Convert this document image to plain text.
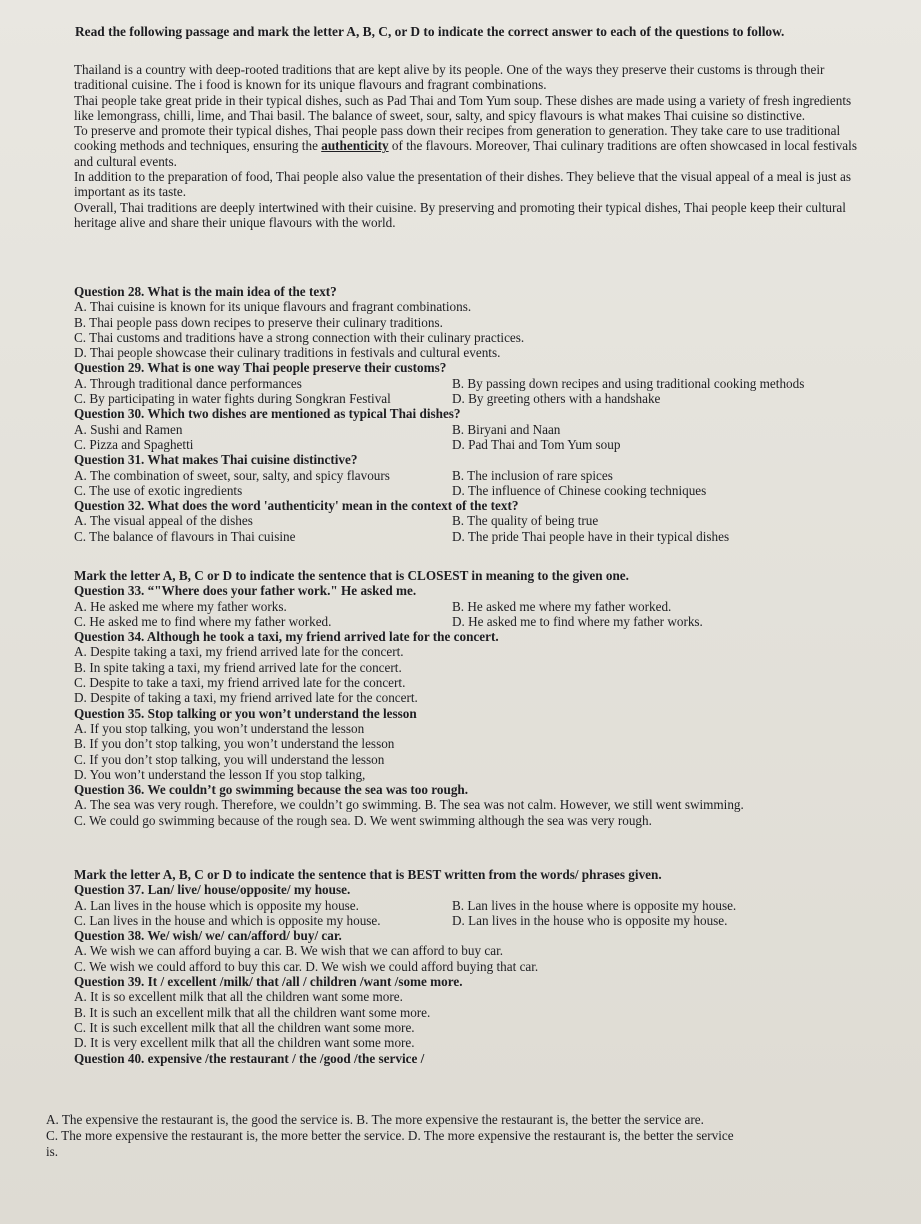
Read the following passage and mark the letter A, B, C, or D to indicate the correct answer to each of the questions to follow.
Thailand is a country with deep-rooted traditions that are kept alive by its people. One of the ways they preserve their customs is through their traditional cuisine. The i food is known for its unique flavours and fragrant combinations.
Thai people take great pride in their typical dishes, such as Pad Thai and Tom Yum soup. These dishes are made using a variety of fresh ingredients like lemongrass, chilli, lime, and Thai basil. The balance of sweet, sour, salty, and spicy flavours is what makes Thai cuisine so distinctive.
To preserve and promote their typical dishes, Thai people pass down their recipes from generation to generation. They take care to use traditional cooking methods and techniques, ensuring the authenticity of the flavours. Moreover, Thai culinary traditions are often showcased in local festivals and cultural events.
In addition to the preparation of food, Thai people also value the presentation of their dishes. They believe that the visual appeal of a meal is just as important as its taste.
Overall, Thai traditions are deeply intertwined with their cuisine. By preserving and promoting their typical dishes, Thai people keep their cultural heritage alive and share their unique flavours with the world.
Question 28. What is the main idea of the text?
A. Thai cuisine is known for its unique flavours and fragrant combinations.
B. Thai people pass down recipes to preserve their culinary traditions.
C. Thai customs and traditions have a strong connection with their culinary practices.
D. Thai people showcase their culinary traditions in festivals and cultural events.
Question 29. What is one way Thai people preserve their customs?
A. Through traditional dance performances	B. By passing down recipes and using traditional cooking methods
C. By participating in water fights during Songkran Festival	D. By greeting others with a handshake
Question 30. Which two dishes are mentioned as typical Thai dishes?
A. Sushi and Ramen	B. Biryani and Naan
C. Pizza and Spaghetti	D. Pad Thai and Tom Yum soup
Question 31. What makes Thai cuisine distinctive?
A. The combination of sweet, sour, salty, and spicy flavours	B. The inclusion of rare spices
C. The use of exotic ingredients	D. The influence of Chinese cooking techniques
Question 32. What does the word 'authenticity' mean in the context of the text?
A. The visual appeal of the dishes	B. The quality of being true
C. The balance of flavours in Thai cuisine	D. The pride Thai people have in their typical dishes
Mark the letter A, B, C or D to indicate the sentence that is CLOSEST in meaning to the given one.
Question 33. “"Where does your father work." He asked me.
A. He asked me where my father works.	B. He asked me where my father worked.
C. He asked me to find where my father worked.	D. He asked me to find where my father works.
Question 34. Although he took a taxi, my friend arrived late for the concert.
A. Despite taking a taxi, my friend arrived late for the concert.
B. In spite taking a taxi, my friend arrived late for the concert.
C. Despite to take a taxi, my friend arrived late for the concert.
D. Despite of taking a taxi, my friend arrived late for the concert.
Question 35. Stop talking or you won’t understand the lesson
A. If you stop talking, you won’t understand the lesson
B. If you don’t stop talking, you won’t understand the lesson
C. If you don’t stop talking, you will understand the lesson
D. You won’t understand the lesson If you stop talking,
Question 36. We couldn’t go swimming because the sea was too rough.
A. The sea was very rough. Therefore, we couldn’t go swimming. B. The sea was not calm. However, we still went swimming.
C. We could go swimming because of the rough sea. D. We went swimming although the sea was very rough.
Mark the letter A, B, C or D to indicate the sentence that is BEST written from the words/ phrases given.
Question 37. Lan/ live/ house/opposite/ my house.
A. Lan lives in the house which is opposite my house.	B. Lan lives in the house where is opposite my house.
C. Lan lives in the house and which is opposite my house.	D. Lan lives in the house who is opposite my house.
Question 38. We/ wish/ we/ can/afford/ buy/ car.
A. We wish we can afford buying a car. B. We wish that we can afford to buy car.
C. We wish we could afford to buy this car. D. We wish we could afford buying that car.
Question 39. It / excellent /milk/ that /all / children /want /some more.
A. It is so excellent milk that all the children want some more.
B. It is such an excellent milk that all the children want some more.
C. It is such excellent milk that all the children want some more.
D. It is very excellent milk that all the children want some more.
Question 40. expensive /the restaurant / the /good /the service /
A. The expensive the restaurant is, the good the service is. B. The more expensive the restaurant is, the better the service are.
C. The more expensive the restaurant is, the more better the service. D. The more expensive the restaurant is, the better the service
is.
